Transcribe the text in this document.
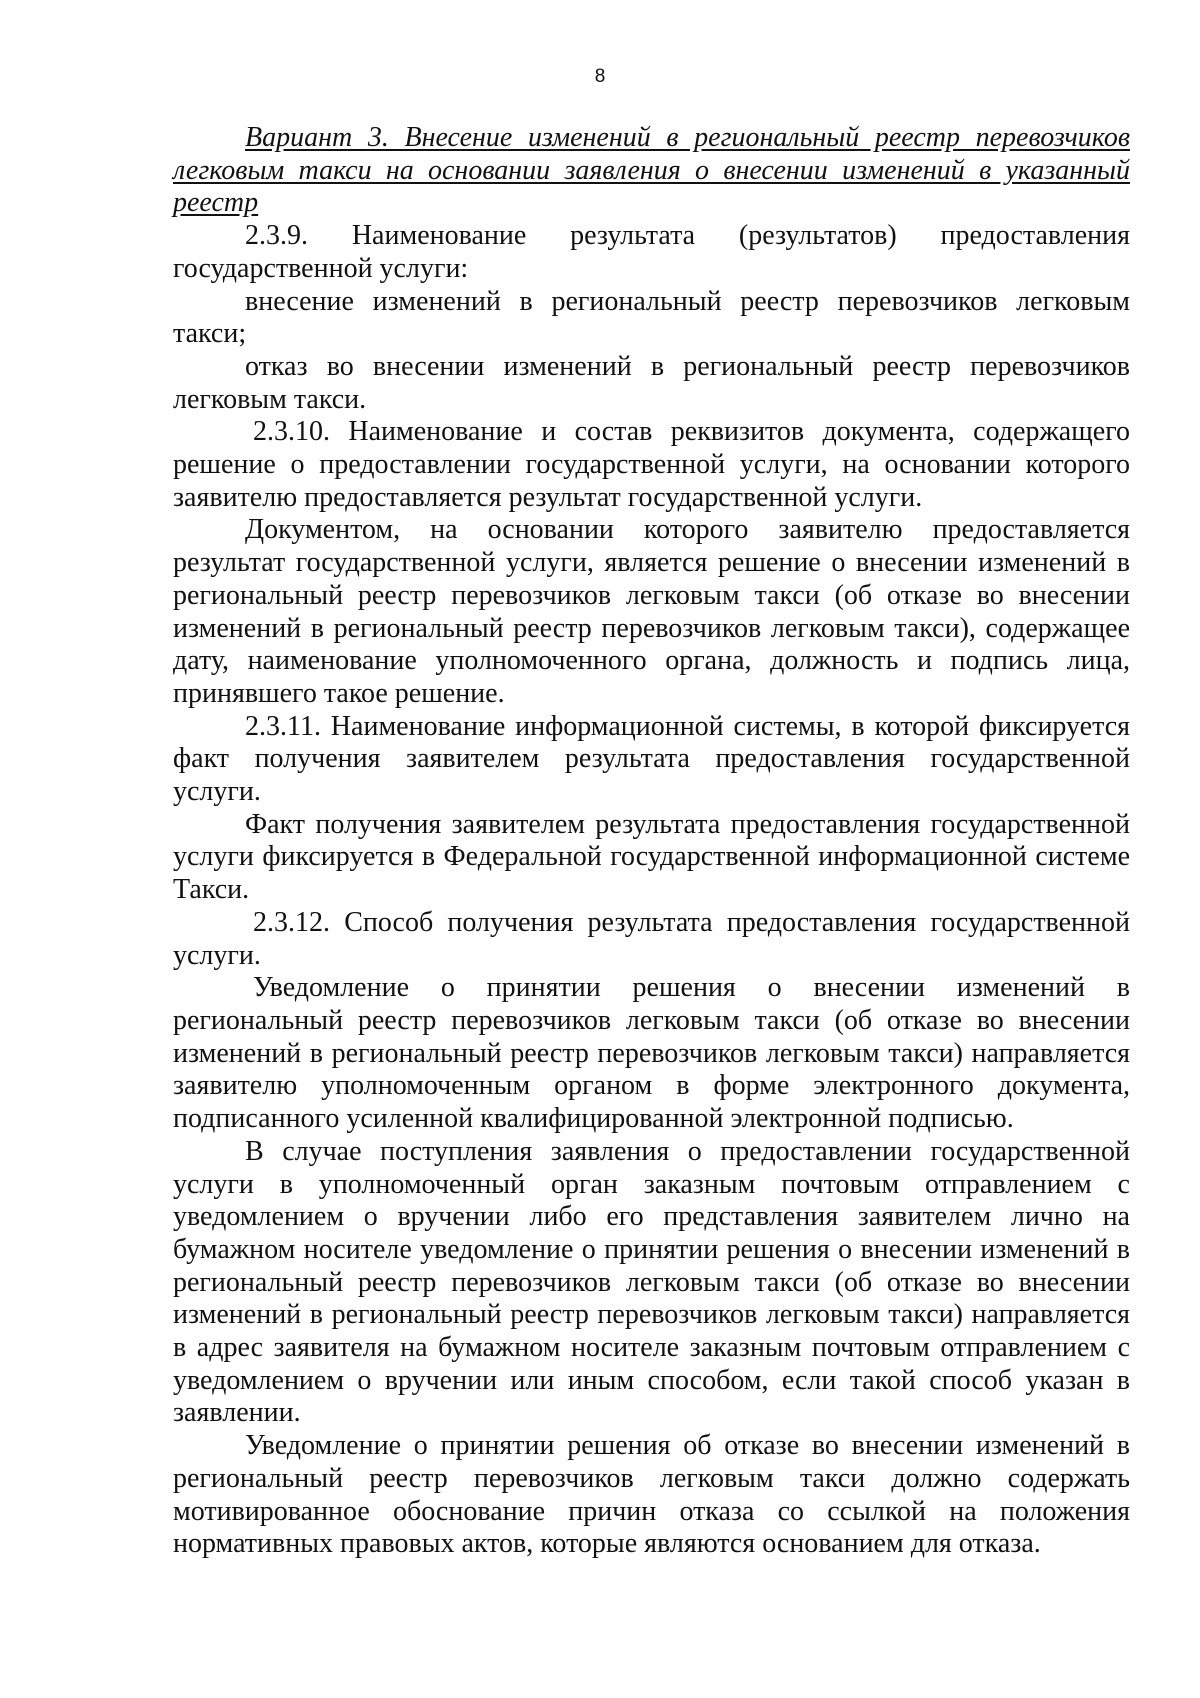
8

Вариант 3. Внесение изменений в региональный реестр перевозчиков легковым такси на основании заявления о внесении изменений в указанный реестр

2.3.9. Наименование результата (результатов) предоставления государственной услуги:

внесение изменений в региональный реестр перевозчиков легковым такси;

отказ во внесении изменений в региональный реестр перевозчиков легковым такси.

2.3.10. Наименование и состав реквизитов документа, содержащего решение о предоставлении государственной услуги, на основании которого заявителю предоставляется результат государственной услуги.

Документом, на основании которого заявителю предоставляется результат государственной услуги, является решение о внесении изменений в региональный реестр перевозчиков легковым такси (об отказе во внесении изменений в региональный реестр перевозчиков легковым такси), содержащее дату, наименование уполномоченного органа, должность и подпись лица, принявшего такое решение.

2.3.11. Наименование информационной системы, в которой фиксируется факт получения заявителем результата предоставления государственной услуги.

Факт получения заявителем результата предоставления государственной услуги фиксируется в Федеральной государственной информационной системе Такси.

2.3.12. Способ получения результата предоставления государственной услуги.

Уведомление о принятии решения о внесении изменений в региональный реестр перевозчиков легковым такси (об отказе во внесении изменений в региональный реестр перевозчиков легковым такси) направляется заявителю уполномоченным органом в форме электронного документа, подписанного усиленной квалифицированной электронной подписью.

В случае поступления заявления о предоставлении государственной услуги в уполномоченный орган заказным почтовым отправлением с уведомлением о вручении либо его представления заявителем лично на бумажном носителе уведомление о принятии решения о внесении изменений в региональный реестр перевозчиков легковым такси (об отказе во внесении изменений в региональный реестр перевозчиков легковым такси) направляется в адрес заявителя на бумажном носителе заказным почтовым отправлением с уведомлением о вручении или иным способом, если такой способ указан в заявлении.

Уведомление о принятии решения об отказе во внесении изменений в региональный реестр перевозчиков легковым такси должно содержать мотивированное обоснование причин отказа со ссылкой на положения нормативных правовых актов, которые являются основанием для отказа.
